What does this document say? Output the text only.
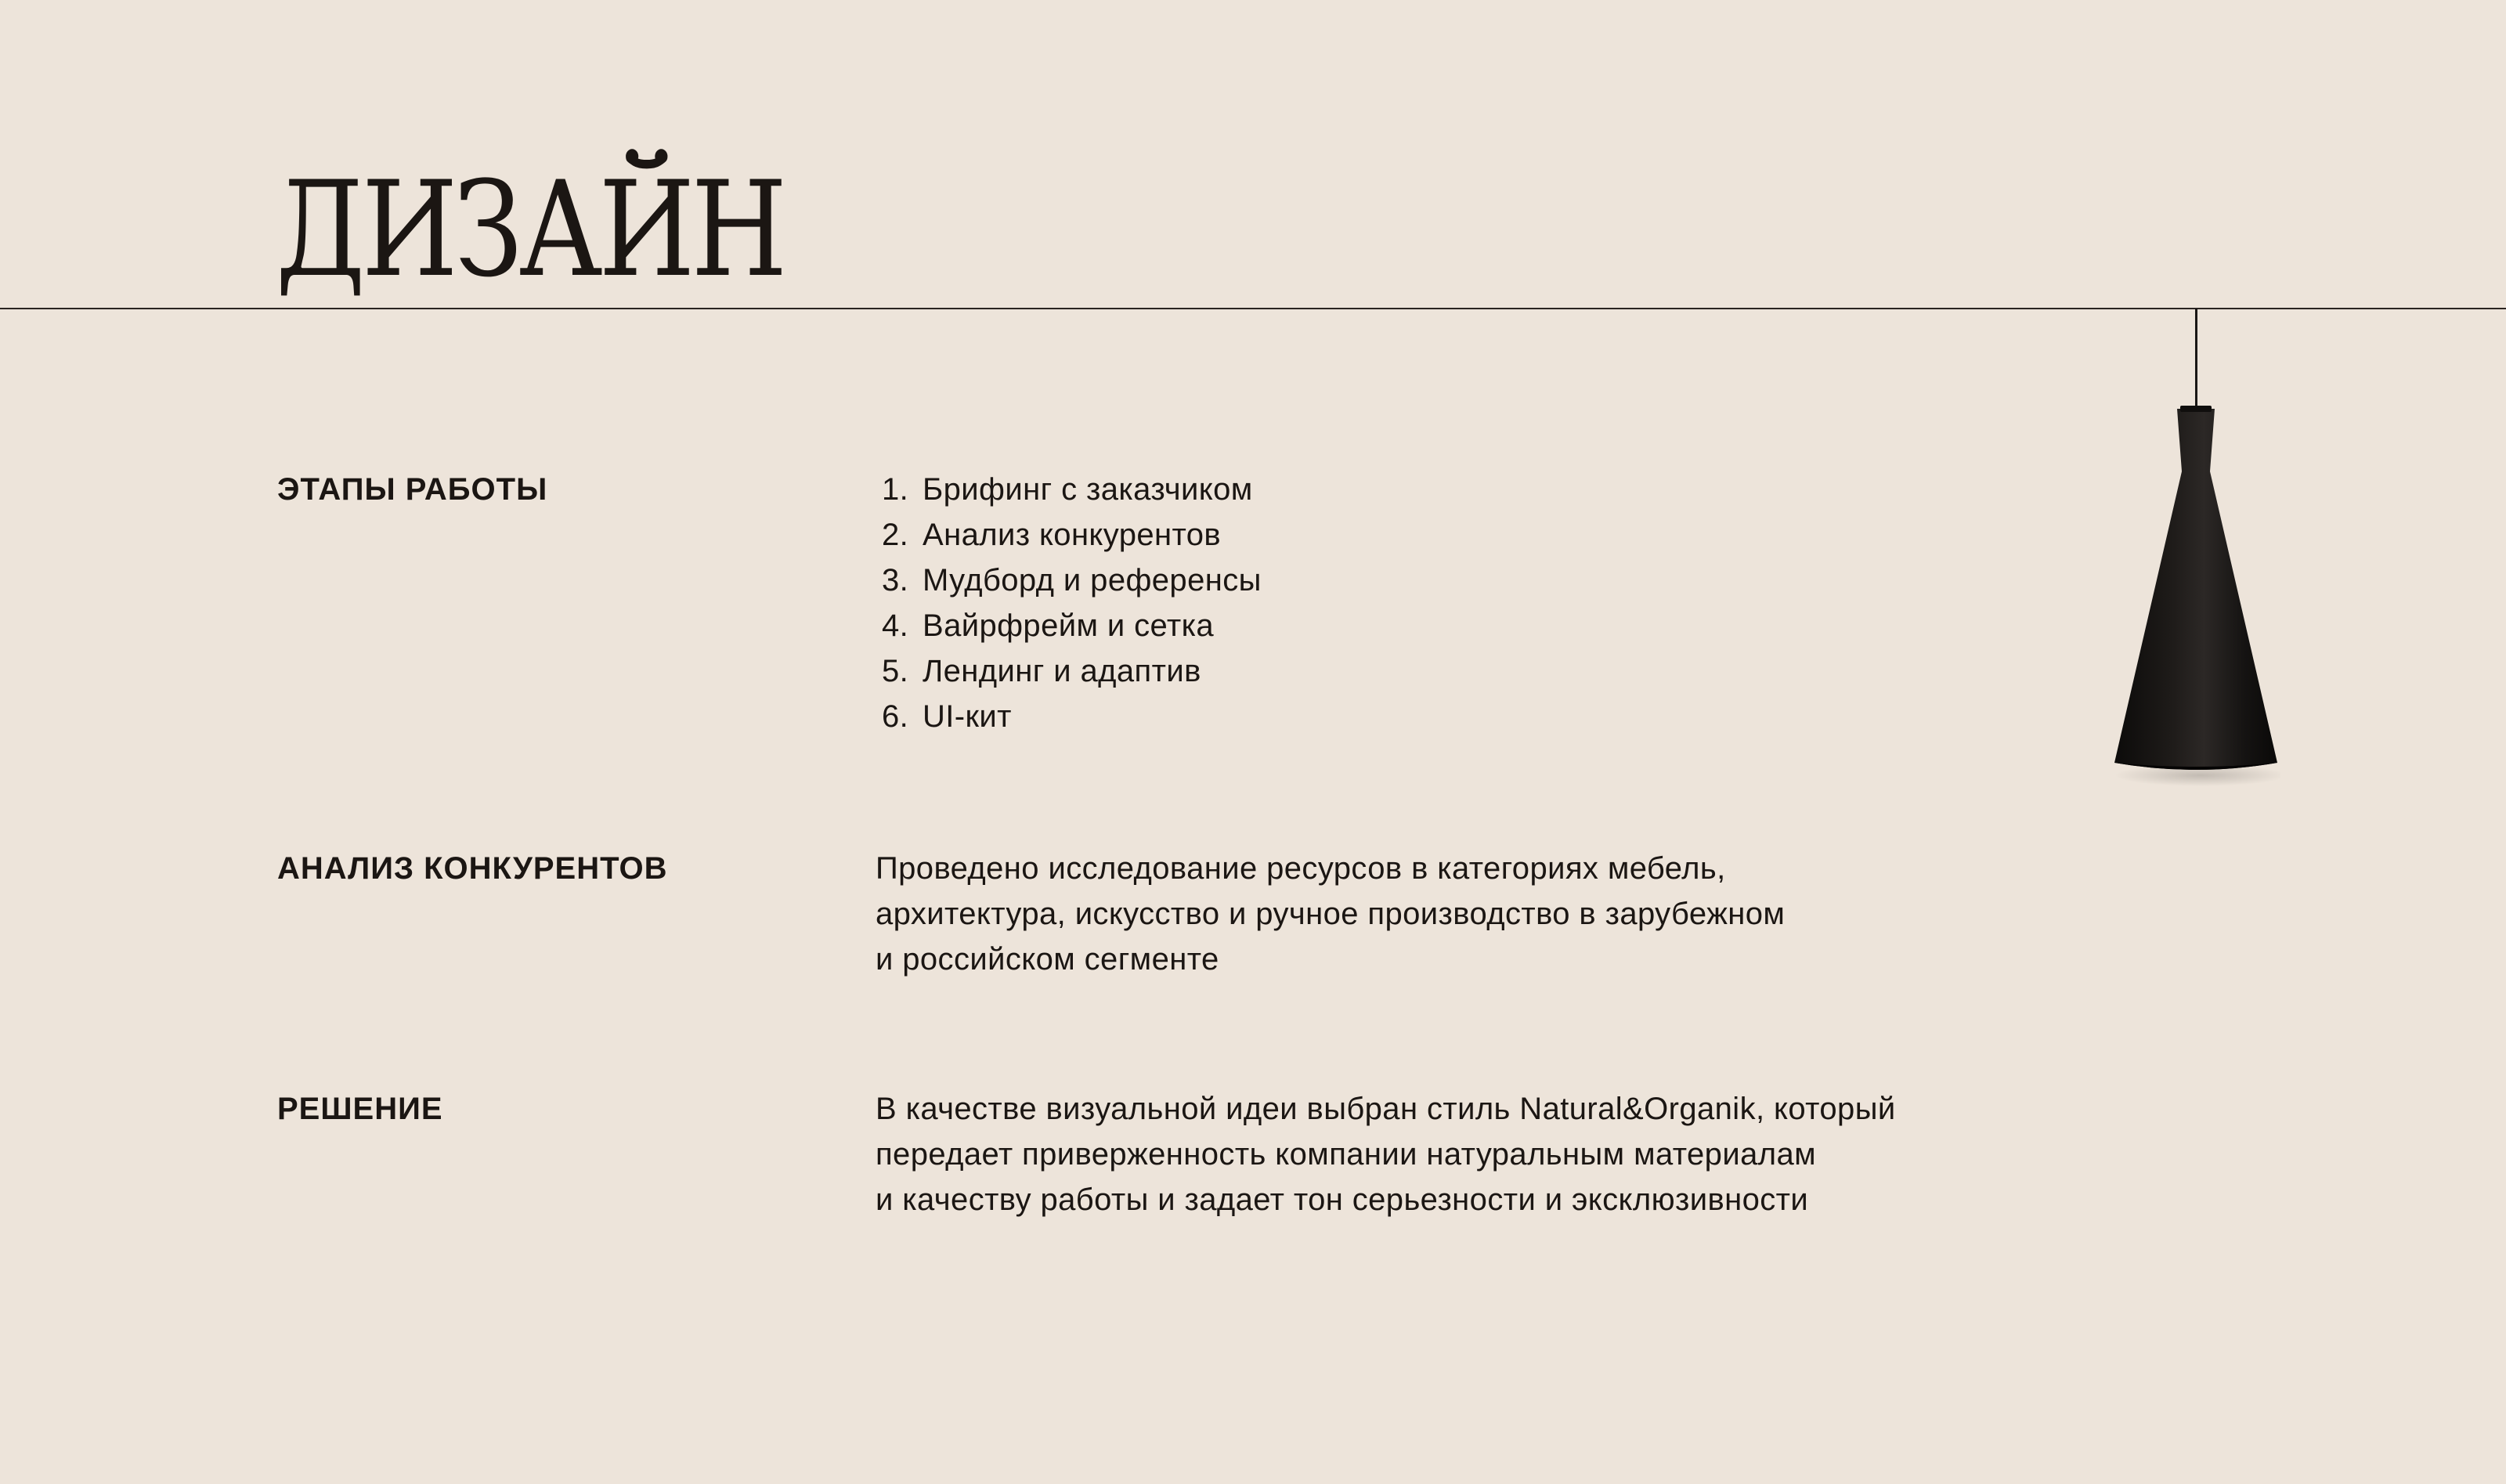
ДИЗАЙН
ЭТАПЫ РАБОТЫ	1. Брифинг с заказчиком
2. Анализ конкурентов
3. Мудборд и референсы
4. Вайрфрейм и сетка
5. Лендинг и адаптив
6. UI-кит
АНАЛИЗ КОНКУРЕНТОВ	Проведено исследование ресурсов в категориях мебель,
архитектура, искусство и ручное производство в зарубежном
и российском сегменте
РЕШЕНИЕ	В качестве визуальной идеи выбран стиль Natural&Organik, который
передает приверженность компании натуральным материалам
и качеству работы и задает тон серьезности и эксклюзивности
